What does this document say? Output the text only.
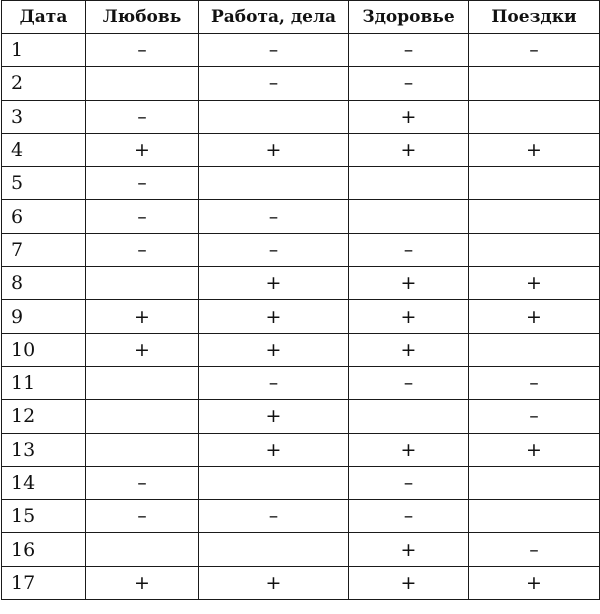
Дата	Любовь	Работа, дела	Здоровье	Поездки
1	–	–	–	–
2		–	–	
3	–		+	
4	+	+	+	+
5	–			
6	–	–		
7	–	–	–	
8		+	+	+
9	+	+	+	+
10	+	+	+	
11		–	–	–
12		+		–
13		+	+	+
14	–		–	
15	–	–	–	
16			+	–
17	+	+	+	+
